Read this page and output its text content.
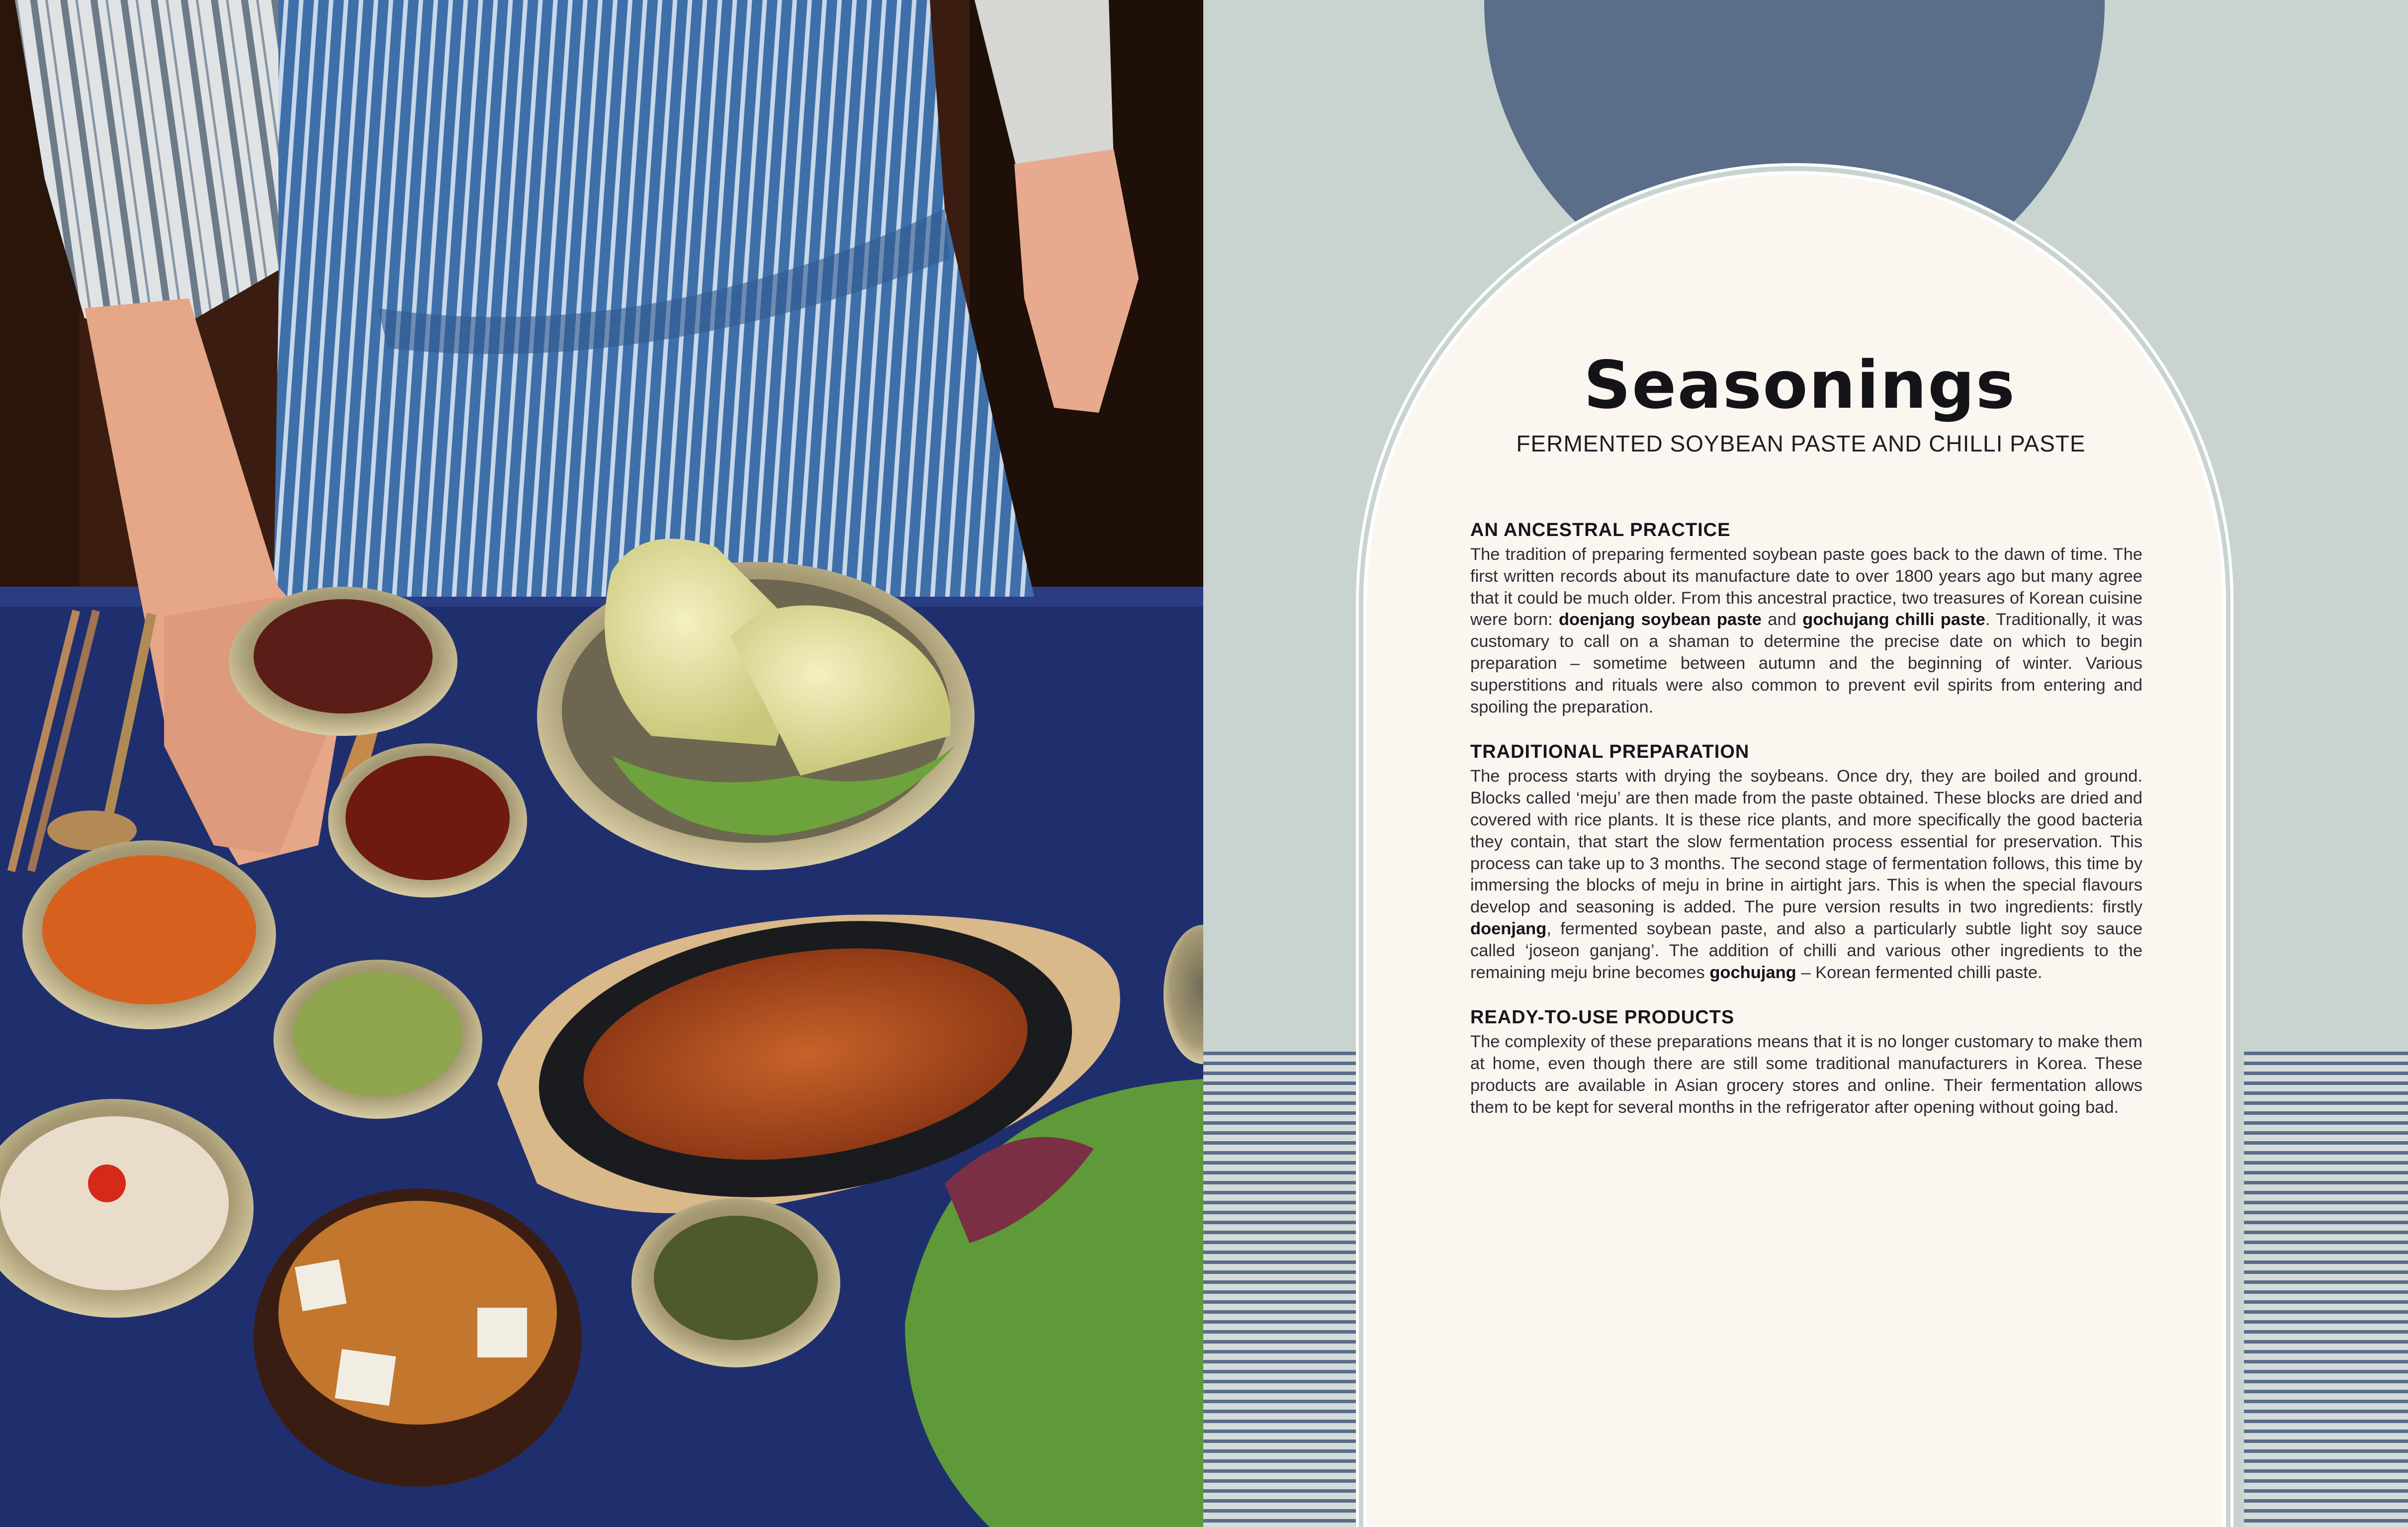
Seasonings
FERMENTED SOYBEAN PASTE AND CHILLI PASTE
AN ANCESTRAL PRACTICE

The tradition of preparing fermented soybean paste goes back to the dawn of time. The first written records about its manufacture date to over 1800 years ago but many agree that it could be much older. From this ancestral practice, two treasures of Korean cuisine were born: doenjang soybean paste and gochujang chilli paste. Traditionally, it was customary to call on a shaman to determine the precise date on which to begin preparation – sometime between autumn and the beginning of winter. Various superstitions and rituals were also common to prevent evil spirits from entering and spoiling the preparation.

TRADITIONAL PREPARATION

The process starts with drying the soybeans. Once dry, they are boiled and ground. Blocks called ‘meju’ are then made from the paste obtained. These blocks are dried and covered with rice plants. It is these rice plants, and more specifically the good bacteria they contain, that start the slow fermentation process essential for preservation. This process can take up to 3 months. The second stage of fermentation follows, this time by immersing the blocks of meju in brine in airtight jars. This is when the special flavours develop and seasoning is added. The pure version results in two ingredients: firstly doenjang, fermented soybean paste, and also a particularly subtle light soy sauce called ‘joseon ganjang’. The addition of chilli and various other ingredients to the remaining meju brine becomes gochujang – Korean fermented chilli paste.

READY-TO-USE PRODUCTS

The complexity of these preparations means that it is no longer customary to make them at home, even though there are still some traditional manufacturers in Korea. These products are available in Asian grocery stores and online. Their fermentation allows them to be kept for several months in the refrigerator after opening without going bad.
